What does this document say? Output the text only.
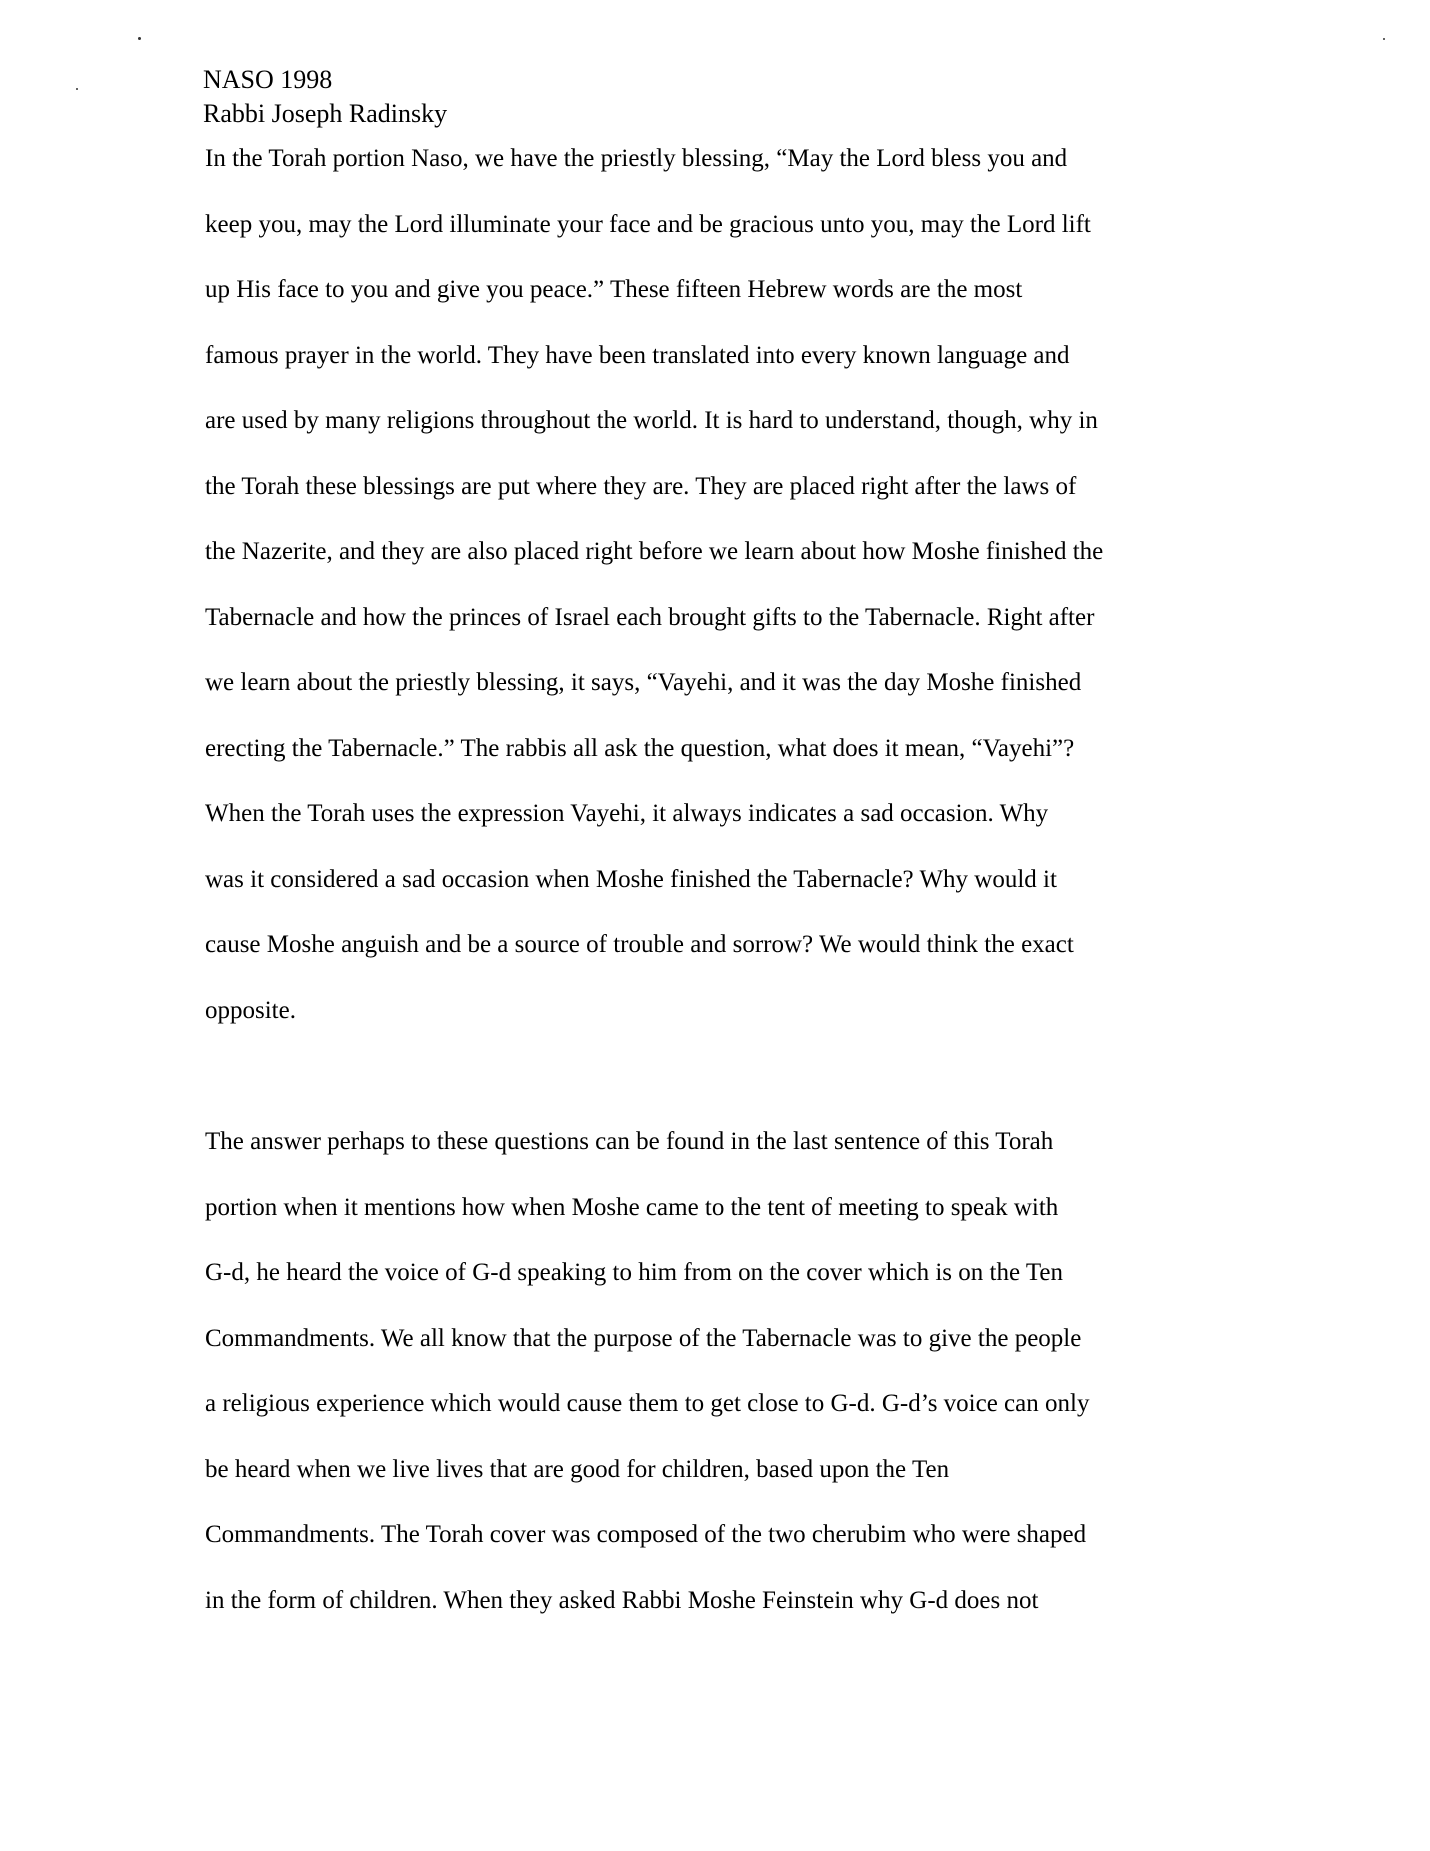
NASO 1998
Rabbi Joseph Radinsky
In the Torah portion Naso, we have the priestly blessing, “May the Lord bless you and
keep you, may the Lord illuminate your face and be gracious unto you, may the Lord lift
up His face to you and give you peace.” These fifteen Hebrew words are the most
famous prayer in the world. They have been translated into every known language and
are used by many religions throughout the world. It is hard to understand, though, why in
the Torah these blessings are put where they are. They are placed right after the laws of
the Nazerite, and they are also placed right before we learn about how Moshe finished the
Tabernacle and how the princes of Israel each brought gifts to the Tabernacle. Right after
we learn about the priestly blessing, it says, “Vayehi, and it was the day Moshe finished
erecting the Tabernacle.” The rabbis all ask the question, what does it mean, “Vayehi”?
When the Torah uses the expression Vayehi, it always indicates a sad occasion. Why
was it considered a sad occasion when Moshe finished the Tabernacle? Why would it
cause Moshe anguish and be a source of trouble and sorrow? We would think the exact
opposite.
The answer perhaps to these questions can be found in the last sentence of this Torah
portion when it mentions how when Moshe came to the tent of meeting to speak with
G-d, he heard the voice of G-d speaking to him from on the cover which is on the Ten
Commandments. We all know that the purpose of the Tabernacle was to give the people
a religious experience which would cause them to get close to G-d. G-d’s voice can only
be heard when we live lives that are good for children, based upon the Ten
Commandments. The Torah cover was composed of the two cherubim who were shaped
in the form of children. When they asked Rabbi Moshe Feinstein why G-d does not
